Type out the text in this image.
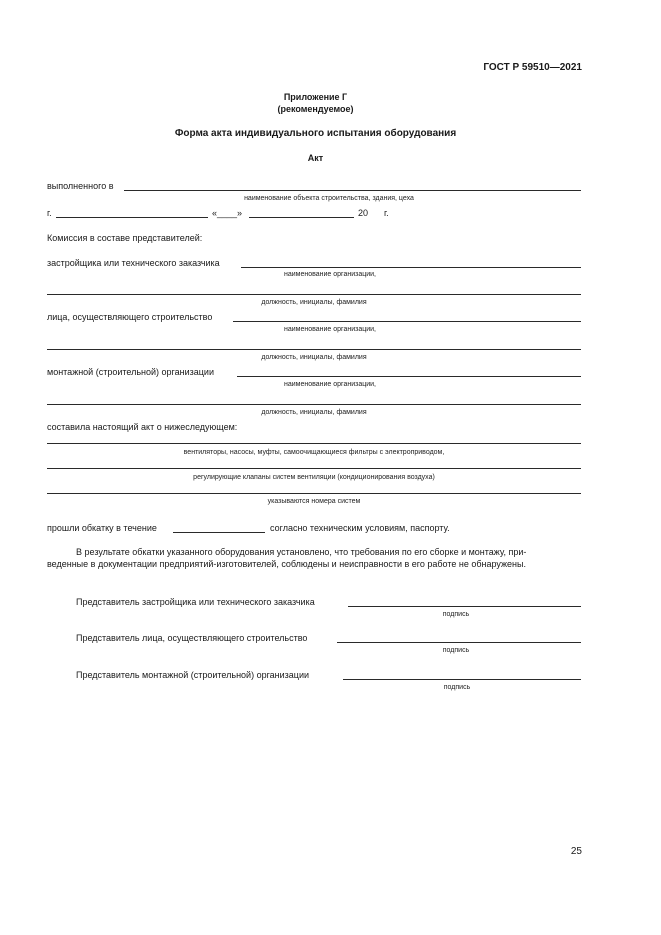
ГОСТ Р 59510—2021
Приложение Г
(рекомендуемое)
Форма акта индивидуального испытания оборудования
Акт
выполненного в
наименование объекта строительства, здания, цеха
г.	«____»	20 г.
Комиссия в составе представителей:
застройщика или технического заказчика
наименование организации,
должность, инициалы, фамилия
лица, осуществляющего строительство
наименование организации,
должность, инициалы, фамилия
монтажной (строительной) организации
наименование организации,
должность, инициалы, фамилия
составила настоящий акт о нижеследующем:
вентиляторы, насосы, муфты, самоочищающиеся фильтры с электроприводом,
регулирующие клапаны систем вентиляции (кондиционирования воздуха)
указываются номера систем
прошли обкатку в течение	согласно техническим условиям, паспорту.
В результате обкатки указанного оборудования установлено, что требования по его сборке и монтажу, при-
веденные в документации предприятий-изготовителей, соблюдены и неисправности в его работе не обнаружены.
Представитель застройщика или технического заказчика
подпись
Представитель лица, осуществляющего строительство
подпись
Представитель монтажной (строительной) организации
подпись
25
